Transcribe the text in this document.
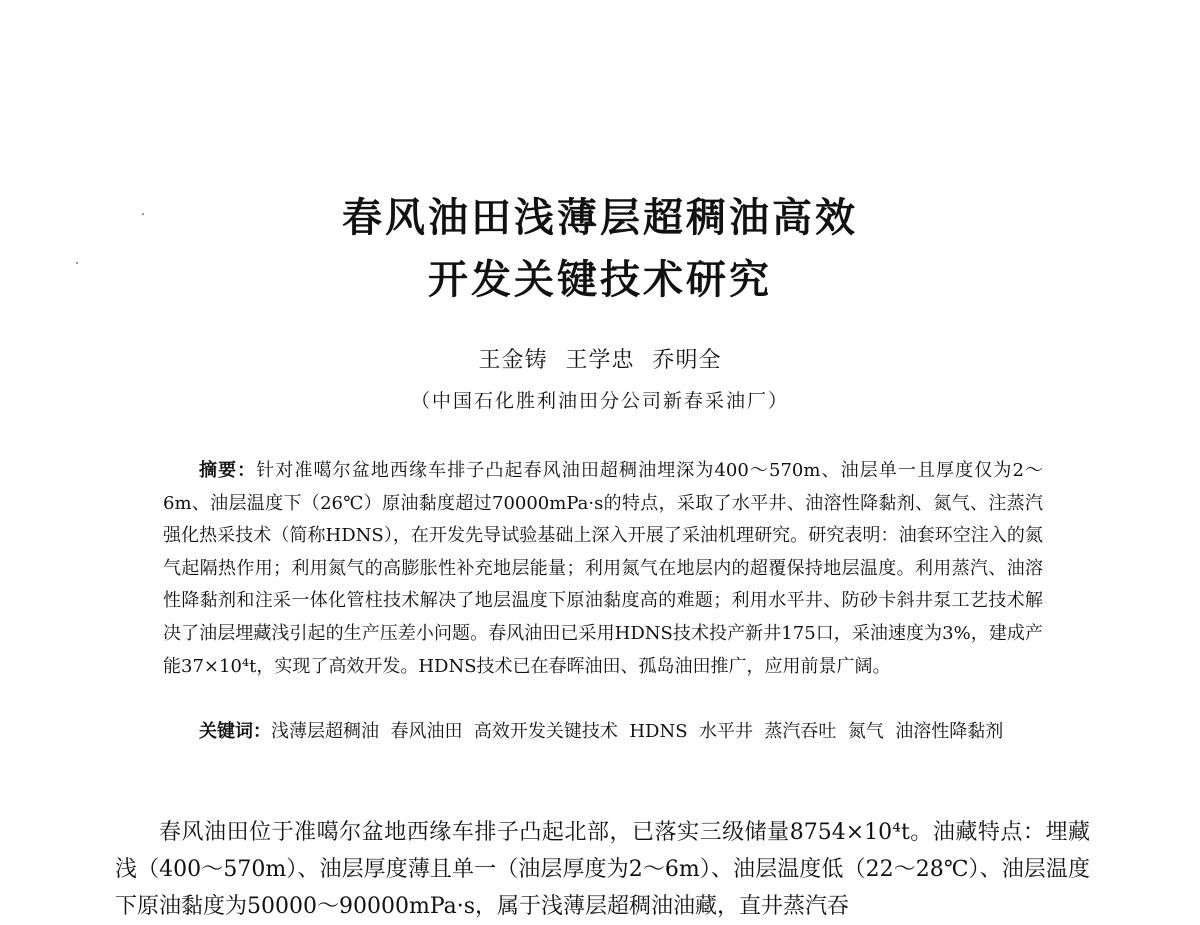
春风油田浅薄层超稠油高效
开发关键技术研究
王金铸 王学忠 乔明全
（中国石化胜利油田分公司新春采油厂）

摘要：针对准噶尔盆地西缘车排子凸起春风油田超稠油埋深为400～570m、油层单一且厚度仅为2～6m、油层温度下（26℃）原油黏度超过70000mPa·s的特点，采取了水平井、油溶性降黏剂、氮气、注蒸汽强化热采技术（简称HDNS），在开发先导试验基础上深入开展了采油机理研究。研究表明：油套环空注入的氮气起隔热作用；利用氮气的高膨胀性补充地层能量；利用氮气在地层内的超覆保持地层温度。利用蒸汽、油溶性降黏剂和注采一体化管柱技术解决了地层温度下原油黏度高的难题；利用水平井、防砂卡斜井泵工艺技术解决了油层埋藏浅引起的生产压差小问题。春风油田已采用HDNS技术投产新井175口，采油速度为3%，建成产能37×10⁴t，实现了高效开发。HDNS技术已在春晖油田、孤岛油田推广，应用前景广阔。

关键词：浅薄层超稠油  春风油田  高效开发关键技术  HDNS  水平井  蒸汽吞吐  氮气  油溶性降黏剂

春风油田位于准噶尔盆地西缘车排子凸起北部，已落实三级储量8754×10⁴t。油藏特点：埋藏浅（400～570m）、油层厚度薄且单一（油层厚度为2～6m）、油层温度低（22～28℃）、油层温度下原油黏度为50000～90000mPa·s，属于浅薄层超稠油油藏，直井蒸汽吞
